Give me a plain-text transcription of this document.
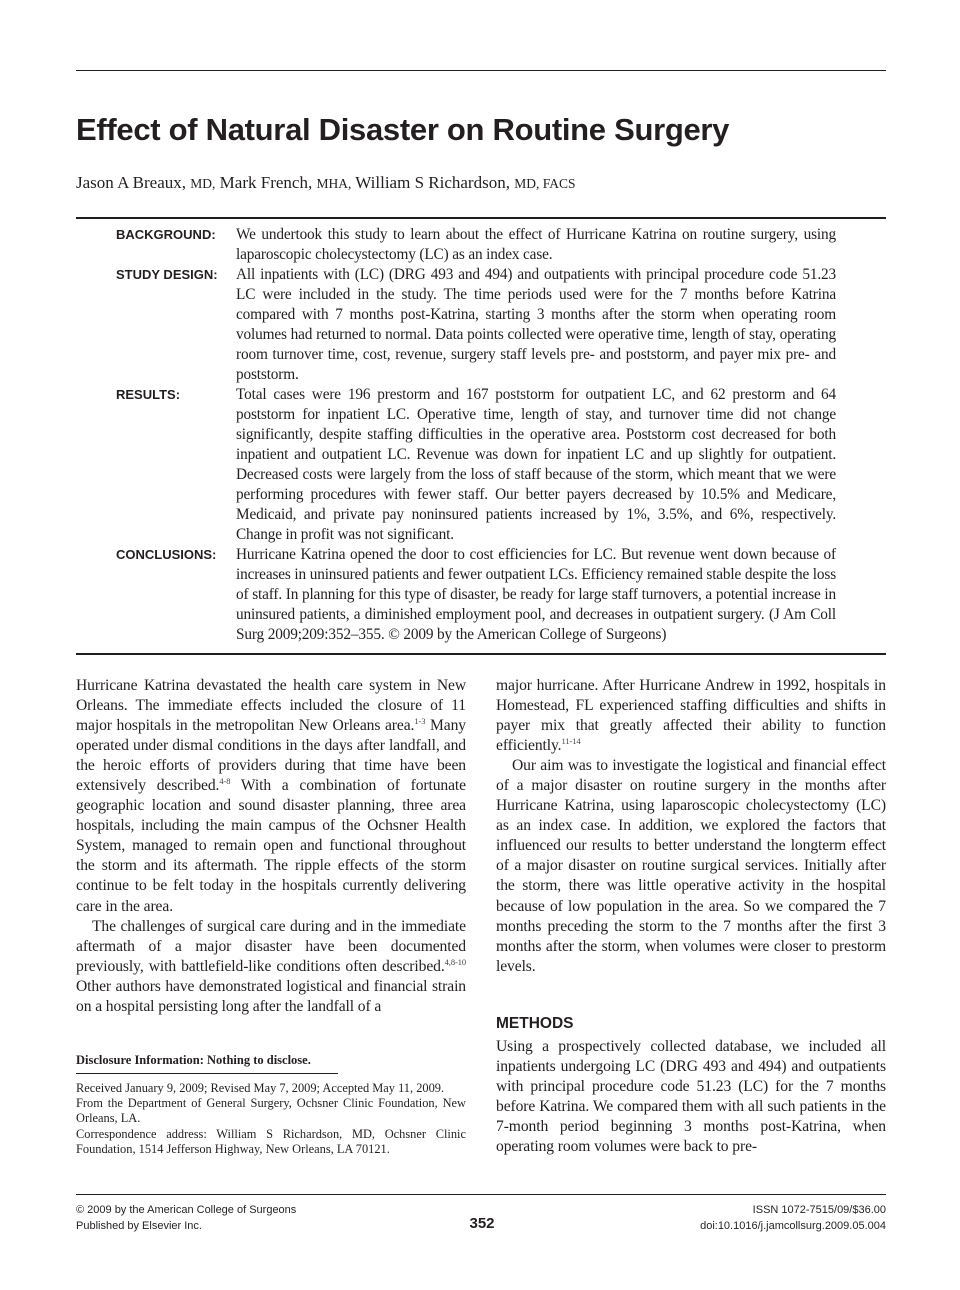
Effect of Natural Disaster on Routine Surgery
Jason A Breaux, MD, Mark French, MHA, William S Richardson, MD, FACS
BACKGROUND: We undertook this study to learn about the effect of Hurricane Katrina on routine surgery, using laparoscopic cholecystectomy (LC) as an index case.
STUDY DESIGN: All inpatients with (LC) (DRG 493 and 494) and outpatients with principal procedure code 51.23 LC were included in the study. The time periods used were for the 7 months before Katrina compared with 7 months post-Katrina, starting 3 months after the storm when operating room volumes had returned to normal. Data points collected were operative time, length of stay, operating room turnover time, cost, revenue, surgery staff levels pre- and poststorm, and payer mix pre- and poststorm.
RESULTS:	Total cases were 196 prestorm and 167 poststorm for outpatient LC, and 62 prestorm and 64 poststorm for inpatient LC. Operative time, length of stay, and turnover time did not change significantly, despite staffing difficulties in the operative area. Poststorm cost decreased for both inpatient and outpatient LC. Revenue was down for inpatient LC and up slightly for outpatient. Decreased costs were largely from the loss of staff because of the storm, which meant that we were performing procedures with fewer staff. Our better payers decreased by 10.5% and Medicare, Medicaid, and private pay noninsured patients increased by 1%, 3.5%, and 6%, respectively. Change in profit was not significant.
CONCLUSIONS: Hurricane Katrina opened the door to cost efficiencies for LC. But revenue went down because of increases in uninsured patients and fewer outpatient LCs. Efficiency remained stable despite the loss of staff. In planning for this type of disaster, be ready for large staff turnovers, a potential increase in uninsured patients, a diminished employment pool, and decreases in outpatient surgery. (J Am Coll Surg 2009;209:352–355. © 2009 by the American College of Surgeons)

Hurricane Katrina devastated the health care system in New Orleans. The immediate effects included the closure of 11 major hospitals in the metropolitan New Orleans area.$^{1-3}$ Many operated under dismal conditions in the days after landfall, and the heroic efforts of providers during that time have been extensively described.$^{4-8}$ With a combination of fortunate geographic location and sound disaster planning, three area hospitals, including the main campus of the Ochsner Health System, managed to remain open and functional throughout the storm and its aftermath. The ripple effects of the storm continue to be felt today in the hospitals currently delivering care in the area.

The challenges of surgical care during and in the immediate aftermath of a major disaster have been documented previously, with battlefield-like conditions often described.$^{4,8-10}$ Other authors have demonstrated logistical and financial strain on a hospital persisting long after the landfall of a

Disclosure Information: Nothing to disclose.

Received January 9, 2009; Revised May 7, 2009; Accepted May 11, 2009.

From the Department of General Surgery, Ochsner Clinic Foundation, New Orleans, LA.

Correspondence address: William S Richardson, MD, Ochsner Clinic Foundation, 1514 Jefferson Highway, New Orleans, LA 70121.

major hurricane. After Hurricane Andrew in 1992, hospitals in Homestead, FL experienced staffing difficulties and shifts in payer mix that greatly affected their ability to function efficiently.$^{11-14}$

Our aim was to investigate the logistical and financial effect of a major disaster on routine surgery in the months after Hurricane Katrina, using laparoscopic cholecystectomy (LC) as an index case. In addition, we explored the factors that influenced our results to better understand the longterm effect of a major disaster on routine surgical services. Initially after the storm, there was little operative activity in the hospital because of low population in the area. So we compared the 7 months preceding the storm to the 7 months after the first 3 months after the storm, when volumes were closer to prestorm levels.

METHODS

Using a prospectively collected database, we included all inpatients undergoing LC (DRG 493 and 494) and outpatients with principal procedure code 51.23 (LC) for the 7 months before Katrina. We compared them with all such patients in the 7-month period beginning 3 months post-Katrina, when operating room volumes were back to pre-

© 2009 by the American College of Surgeons
Published by Elsevier Inc.	352
ISSN 1072-7515/09/$36.00
doi:10.1016/j.jamcollsurg.2009.05.004
